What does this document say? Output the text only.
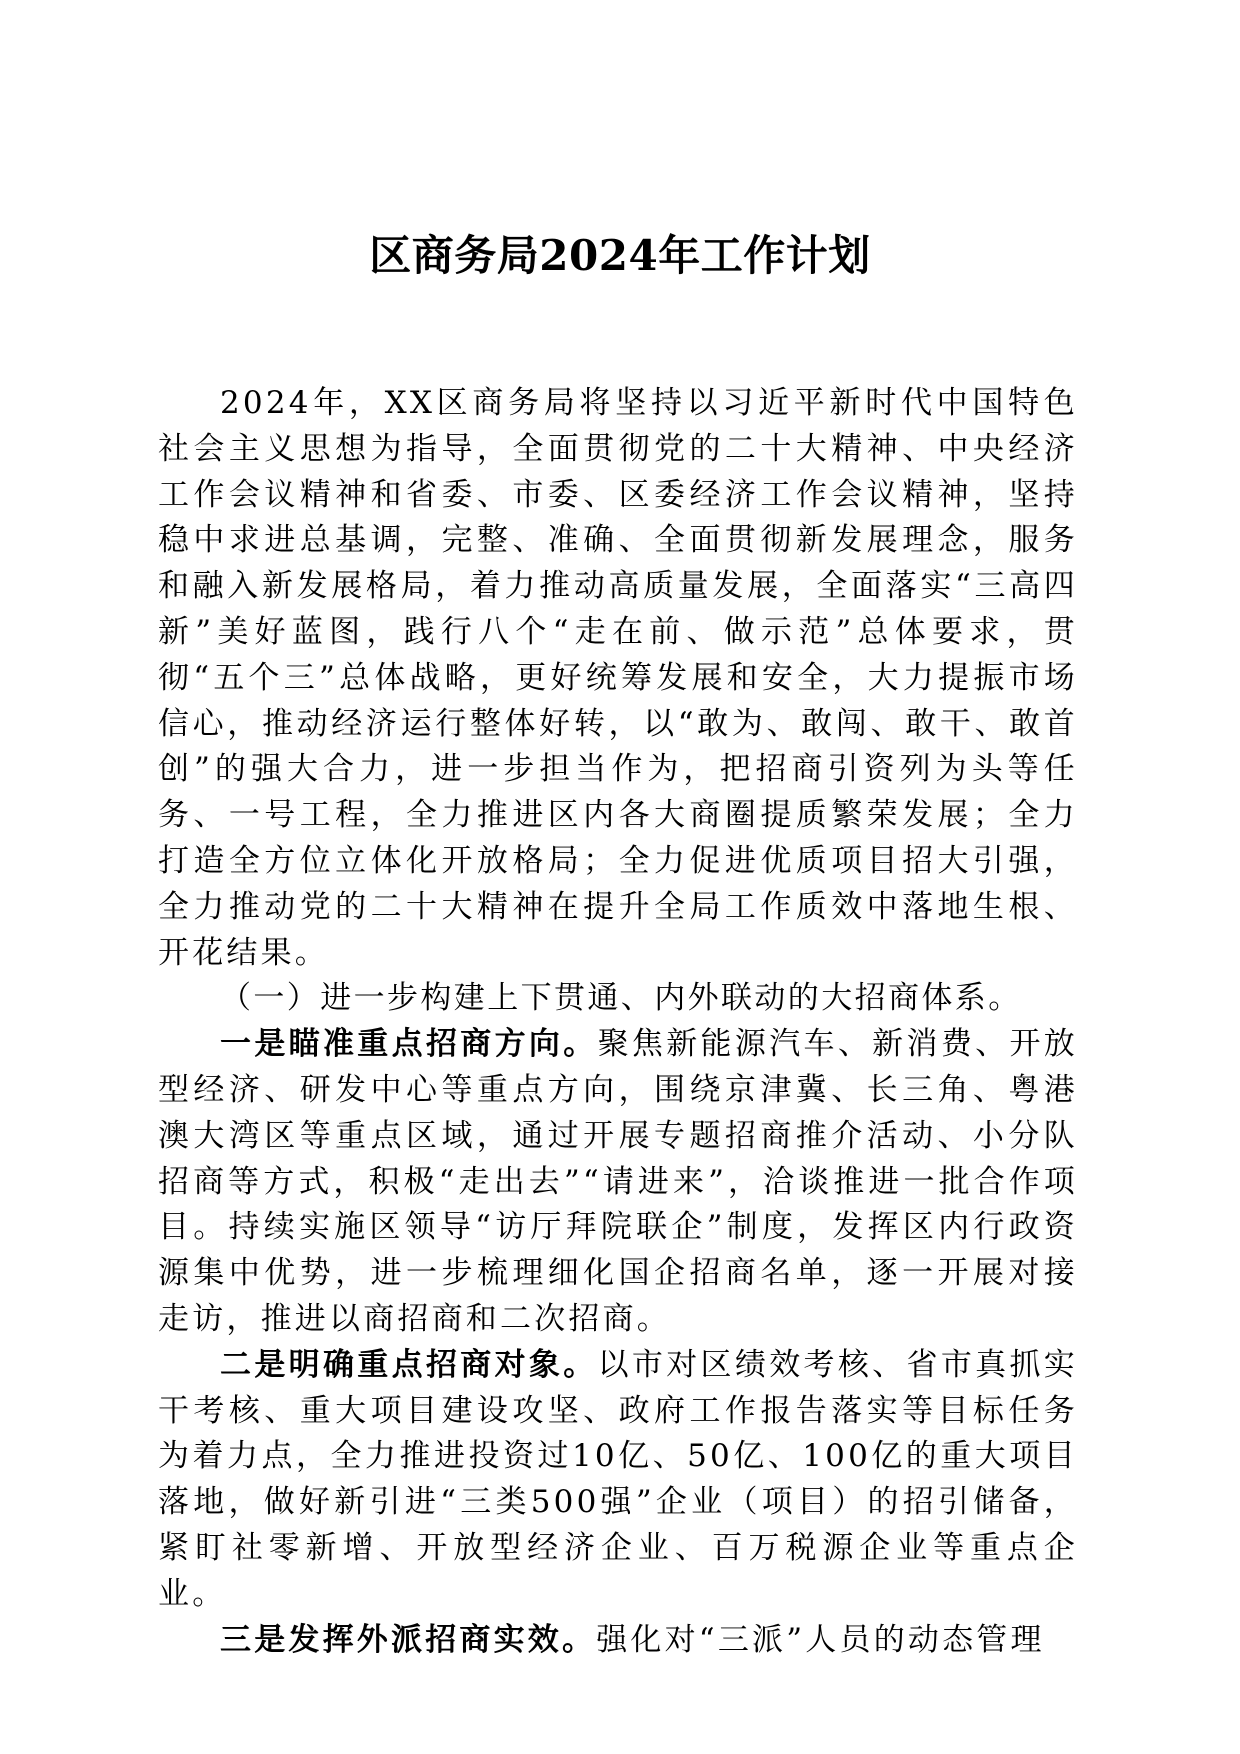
区商务局2024年工作计划

2024年，XX区商务局将坚持以习近平新时代中国特色社会主义思想为指导，全面贯彻党的二十大精神、中央经济工作会议精神和省委、市委、区委经济工作会议精神，坚持稳中求进总基调，完整、准确、全面贯彻新发展理念，服务和融入新发展格局，着力推动高质量发展，全面落实“三高四新”美好蓝图，践行八个“走在前、做示范”总体要求，贯彻“五个三”总体战略，更好统筹发展和安全，大力提振市场信心，推动经济运行整体好转，以“敢为、敢闯、敢干、敢首创”的强大合力，进一步担当作为，把招商引资列为头等任务、一号工程，全力推进区内各大商圈提质繁荣发展；全力打造全方位立体化开放格局；全力促进优质项目招大引强，全力推动党的二十大精神在提升全局工作质效中落地生根、开花结果。

（一）进一步构建上下贯通、内外联动的大招商体系。

一是瞄准重点招商方向。聚焦新能源汽车、新消费、开放型经济、研发中心等重点方向，围绕京津冀、长三角、粤港澳大湾区等重点区域，通过开展专题招商推介活动、小分队招商等方式，积极“走出去”“请进来”，洽谈推进一批合作项目。持续实施区领导“访厅拜院联企”制度，发挥区内行政资源集中优势，进一步梳理细化国企招商名单，逐一开展对接走访，推进以商招商和二次招商。

二是明确重点招商对象。以市对区绩效考核、省市真抓实干考核、重大项目建设攻坚、政府工作报告落实等目标任务为着力点，全力推进投资过10亿、50亿、100亿的重大项目落地，做好新引进“三类500强”企业（项目）的招引储备，紧盯社零新增、开放型经济企业、百万税源企业等重点企业。

三是发挥外派招商实效。强化对“三派”人员的动态管理
